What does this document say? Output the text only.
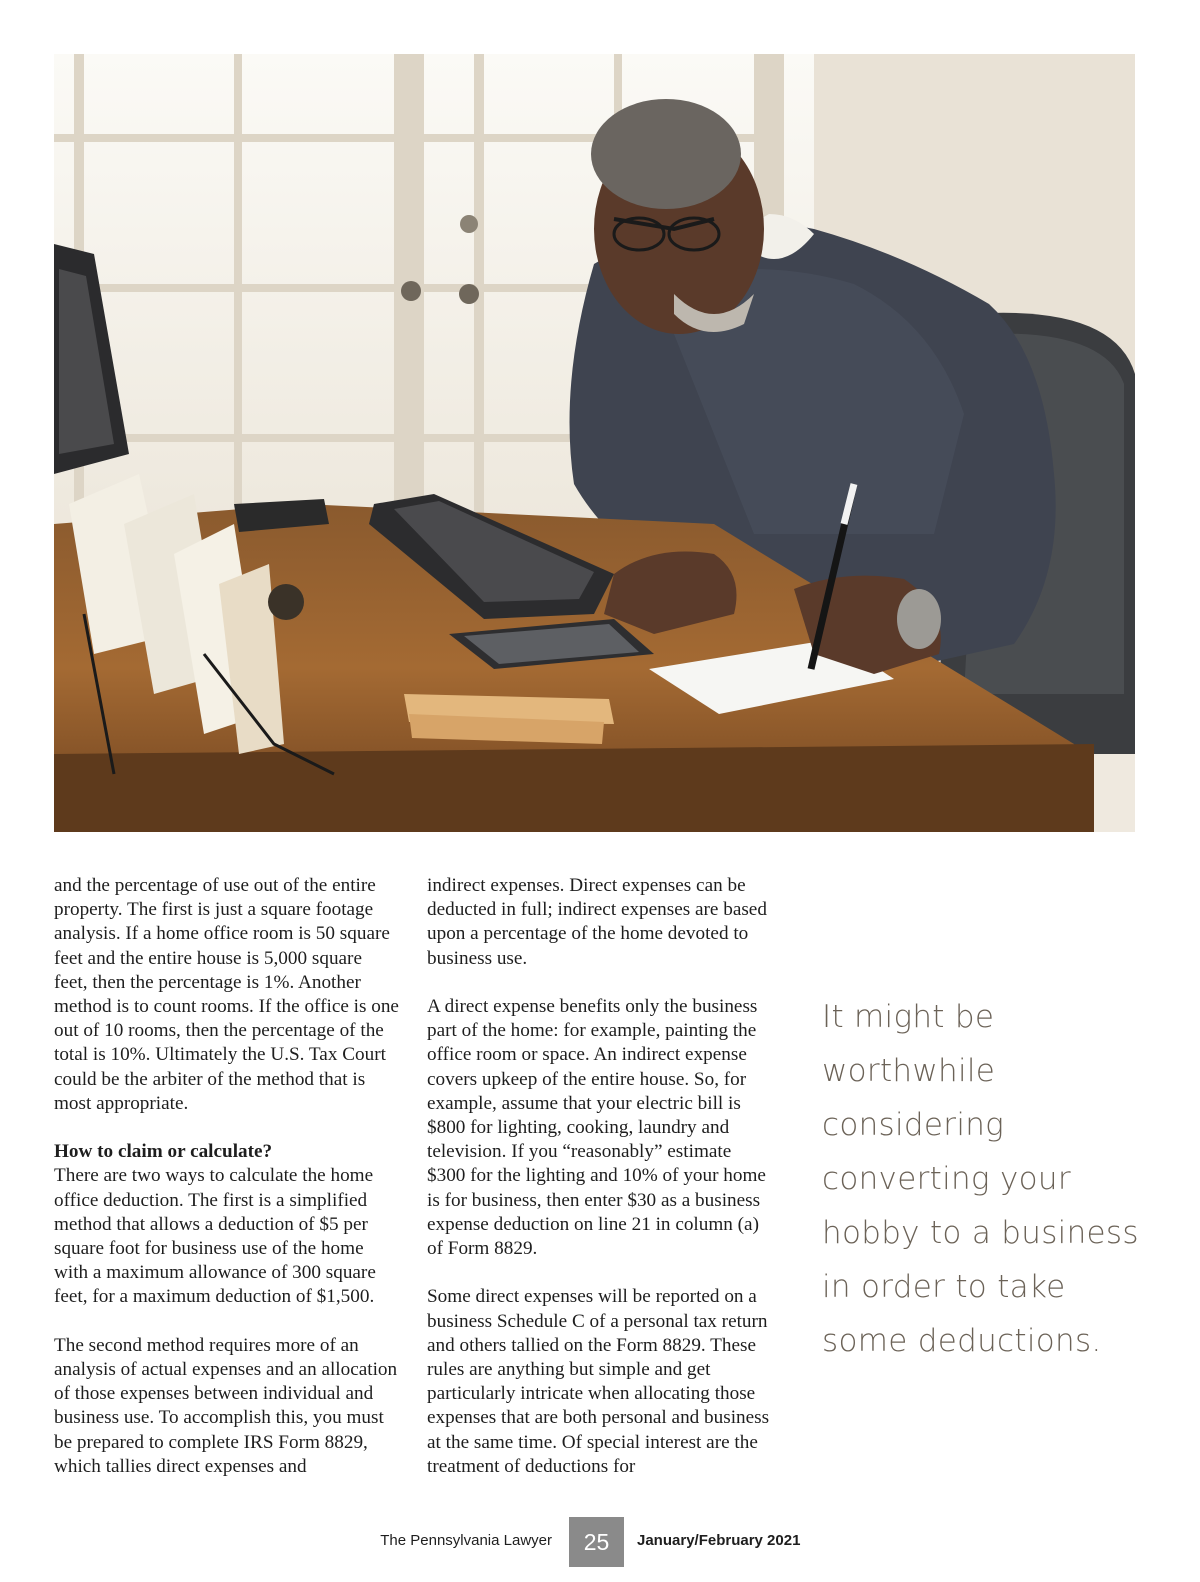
and the percentage of use out of the entire property. The first is just a square footage analysis. If a home office room is 50 square feet and the entire house is 5,000 square feet, then the percentage is 1%. Another method is to count rooms. If the office is one out of 10 rooms, then the percentage of the total is 10%. Ultimately the U.S. Tax Court could be the arbiter of the method that is most appropriate.

How to claim or calculate?

There are two ways to calculate the home office deduction. The first is a simplified method that allows a deduction of $5 per square foot for business use of the home with a maximum allowance of 300 square feet, for a maximum deduction of $1,500.

The second method requires more of an analysis of actual expenses and an allocation of those expenses between individual and business use. To accomplish this, you must be prepared to complete IRS Form 8829, which tallies direct expenses and

indirect expenses. Direct expenses can be deducted in full; indirect expenses are based upon a percentage of the home devoted to business use.

A direct expense benefits only the business part of the home: for example, painting the office room or space. An indirect expense covers upkeep of the entire house. So, for example, assume that your electric bill is $800 for lighting, cooking, laundry and television. If you “reasonably” estimate $300 for the lighting and 10% of your home is for business, then enter $30 as a business expense deduction on line 21 in column (a) of Form 8829.

Some direct expenses will be reported on a business Schedule C of a personal tax return and others tallied on the Form 8829. These rules are anything but simple and get particularly intricate when allocating those expenses that are both personal and business at the same time. Of special interest are the treatment of deductions for

It might be worthwhile considering converting your hobby to a business in order to take some deductions.

The Pennsylvania Lawyer	25	January/February 2021
